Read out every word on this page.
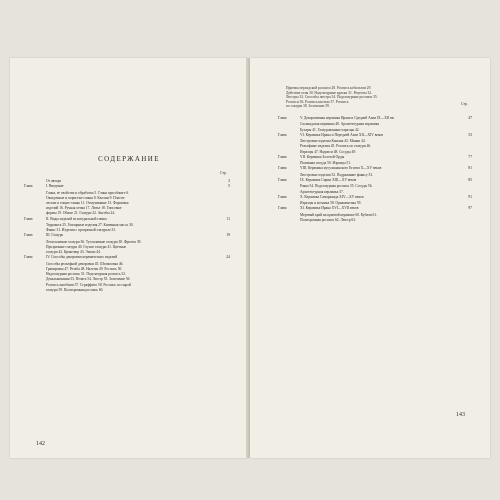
СОДЕРЖАНИЕ
Стр.
От автора	3
Глава	I. Введение	5
Глина, ее свойства и обработка 5. Глина при обжиге 6.
Ожидочные и пористые глины 8. Каолин 9. Пласти-
ческие и тощие глины 11. Отмучиванне 13. Формовка
изделий 16. Ручная лепка 17. Литье 18. Гипсовые
формы 19. Обжиг 21. Глазури 22. Ангобы 24.
Глава	II. Виды изделий из натуральной глины	11
Терракота 25. Гончарные изделия 27. Каменная масса 30.
Фаянс 31. Изделия с прозрачной глазурью 33.
Глава	III. Глазурь	19
Легкоплавкие глазури 36. Тугоплавкие глазури 38. Фритты 39.
Прозрачные глазури 40. Глухие глазури 41. Цветные
глазури 42. Кракелюр 43. Эмали 44.
Глава	IV. Способы декоровки керамических изделий	24
Способы рельефной декоровки 45. Штамповка 46.
Гравировка 47. Резьба 48. Налепы 49. Роспись 50.
Надглазурная роспись 51. Подглазурная роспись 52.
Декалькомания 53. Печать 54. Люстр 55. Золочение 56.
Роспись ангобами 57. Сграффито 58. Роспись по сырой
глазури 59. Полихромная роспись 60.
142
Стр.
Приемы персидской росписи 28. Роспись кобальтом 29.
Действие огня 30. Надглазурные краски 31. Рецепты 32.
Люстры 33. Способы люстра 34. Подглазурные росписи 35.
Росписи 36. Роспись кистью 37. Роспись
по глазури 38. Золочение 39.
Глава	V. Декоративная керамика Ирана и Средней Азии IX—XII вв.	47
Сасанидская керамика 40. Архитектурная керамика
Бухары 41. Глазурованные изразцы 42.
Глава	VI. Керамика Ирана и Передней Азии XII—XIV веков	53
Люстровые изделия Кашана 43. Минаи 44.
Рельефные изделия 45. Роспись по глазури 46.
Изразцы 47. Надписи 48. Сосуды 49.
Глава	VII. Керамика Золотой Орды	77
Поливная посуда 50. Изразцы 51.
Глава	VIII. Керамика мусульманского Египта X—XV веков	81
Люстровые изделия 52. Подражание фаянсу 53.
Глава	IX. Керамика Сирии XIII—XV веков	85
Ракка 54. Подглазурная роспись 55. Сосуды 56.
Архитектурная керамика 57.
Глава	X. Керамика Самарканда XIV—XV веков	91
Изразцы и мозаика 58. Орнаментика 59.
Глава	XI. Керамика Ирана XVI—XVII веков	97
Мертвый край на краевой керамике 60. Кубачи 61.
Полихромная роспись 62. Люстр 63.
143
